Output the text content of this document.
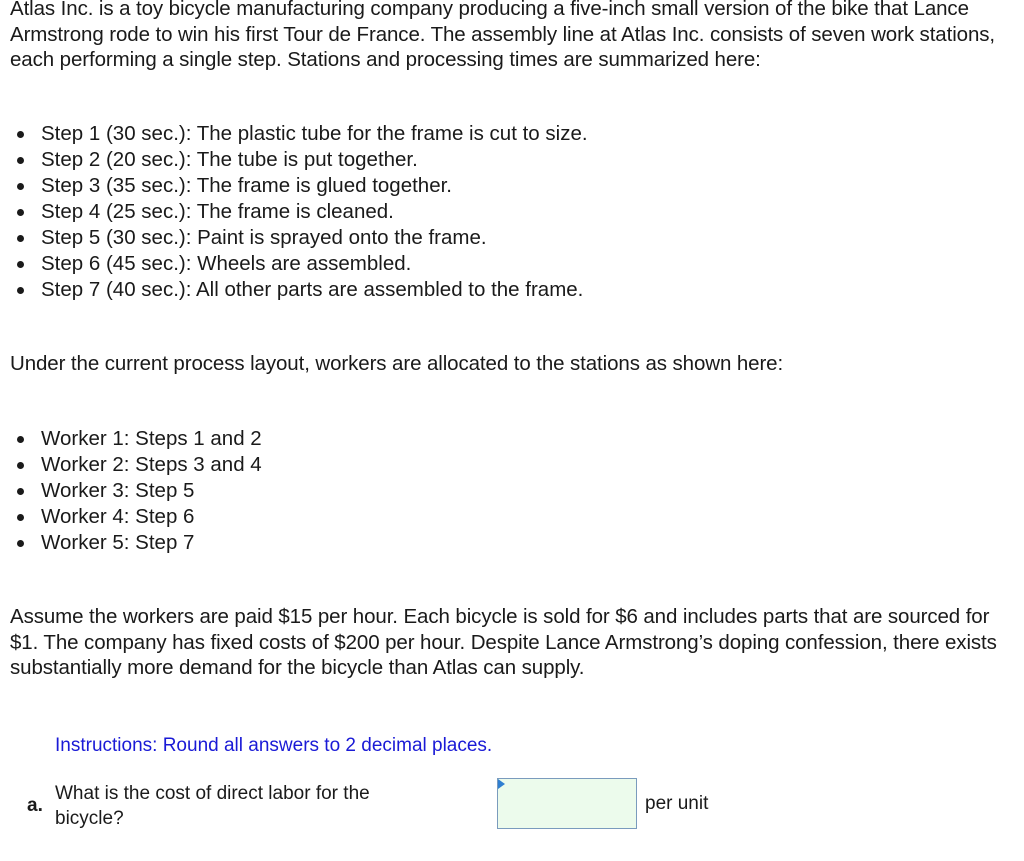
Atlas Inc. is a toy bicycle manufacturing company producing a five-inch small version of the bike that Lance Armstrong rode to win his first Tour de France. The assembly line at Atlas Inc. consists of seven work stations, each performing a single step. Stations and processing times are summarized here:

Step 1 (30 sec.): The plastic tube for the frame is cut to size.
Step 2 (20 sec.): The tube is put together.
Step 3 (35 sec.): The frame is glued together.
Step 4 (25 sec.): The frame is cleaned.
Step 5 (30 sec.): Paint is sprayed onto the frame.
Step 6 (45 sec.): Wheels are assembled.
Step 7 (40 sec.): All other parts are assembled to the frame.

Under the current process layout, workers are allocated to the stations as shown here:

Worker 1: Steps 1 and 2
Worker 2: Steps 3 and 4
Worker 3: Step 5
Worker 4: Step 6
Worker 5: Step 7

Assume the workers are paid $15 per hour. Each bicycle is sold for $6 and includes parts that are sourced for $1. The company has fixed costs of $200 per hour. Despite Lance Armstrong’s doping confession, there exists substantially more demand for the bicycle than Atlas can supply.

Instructions: Round all answers to 2 decimal places.
a.
What is the cost of direct labor for the bicycle?
per unit
